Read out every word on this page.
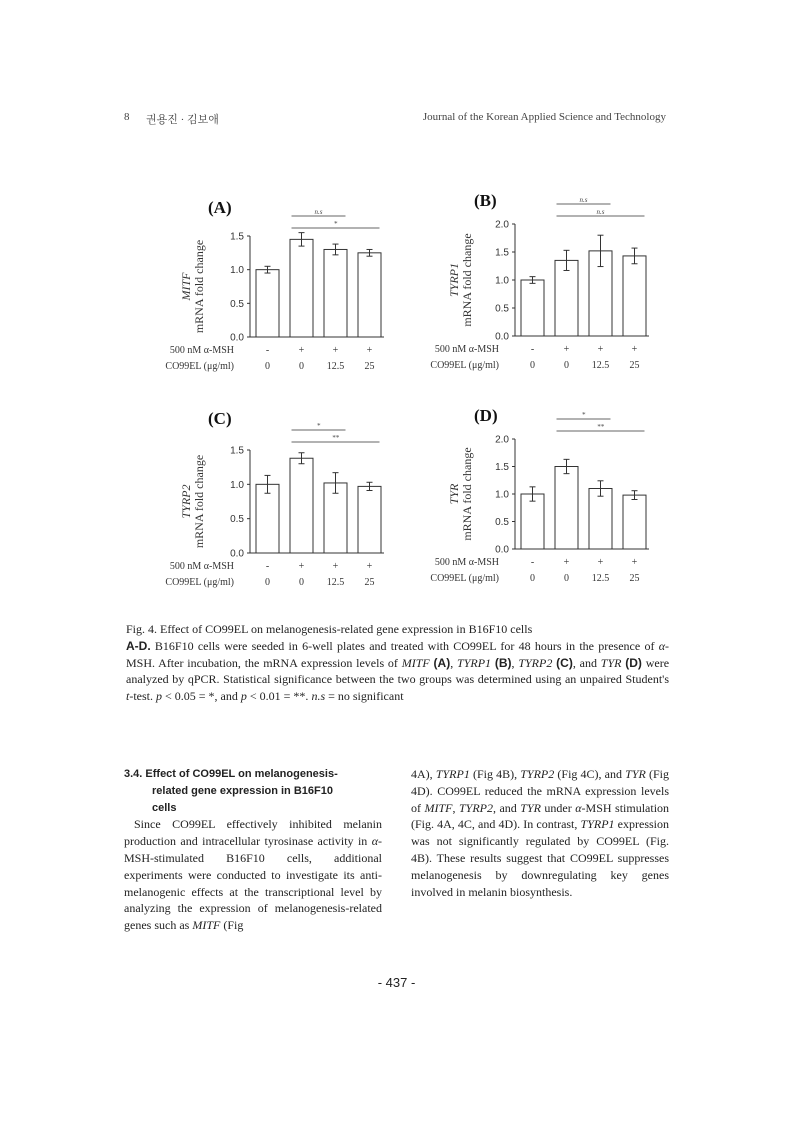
8 권용진 · 김보애	Journal of the Korean Applied Science and Technology
(A)
0.0
0.5
1.0
1.5
MITF mRNA fold change
n.s
*
500 nM α-MSH
CO99EL (μg/ml)
-
0
+
0
+
12.5
+
25
(B)
0.0
0.5
1.0
1.5
2.0
TYRP1 mRNA fold change
n.s
n.s
500 nM α-MSH
CO99EL (μg/ml)
-
0
+
0
+
12.5
+
25
(C)
0.0
0.5
1.0
1.5
TYRP2 mRNA fold change
*
**
500 nM α-MSH
CO99EL (μg/ml)
-
0
+
0
+
12.5
+
25
(D)
0.0
0.5
1.0
1.5
2.0
TYR mRNA fold change
*
**
500 nM α-MSH
CO99EL (μg/ml)
-
0
+
0
+
12.5
+
25
Fig. 4. Effect of CO99EL on melanogenesis-related gene expression in B16F10 cells
A-D. B16F10 cells were seeded in 6-well plates and treated with CO99EL for 48 hours in the presence of α-MSH. After incubation, the mRNA expression levels of MITF (A), TYRP1 (B), TYRP2 (C), and TYR (D) were analyzed by qPCR. Statistical significance between the two groups was determined using an unpaired Student's t-test. p < 0.05 = *, and p < 0.01 = **. n.s = no significant
3.4. Effect of CO99EL on melanogenesis-
related gene expression in B16F10
cells
Since CO99EL effectively inhibited melanin production and intracellular tyrosinase activity in α-MSH-stimulated B16F10 cells, additional experiments were conducted to investigate its anti-melanogenic effects at the transcriptional level by analyzing the expression of melanogenesis-related genes such as MITF (Fig
4A), TYRP1 (Fig 4B), TYRP2 (Fig 4C), and TYR (Fig 4D). CO99EL reduced the mRNA expression levels of MITF, TYRP2, and TYR under α-MSH stimulation (Fig. 4A, 4C, and 4D). In contrast, TYRP1 expression was not significantly regulated by CO99EL (Fig. 4B). These results suggest that CO99EL suppresses melanogenesis by downregulating key genes involved in melanin biosynthesis.
- 437 -
